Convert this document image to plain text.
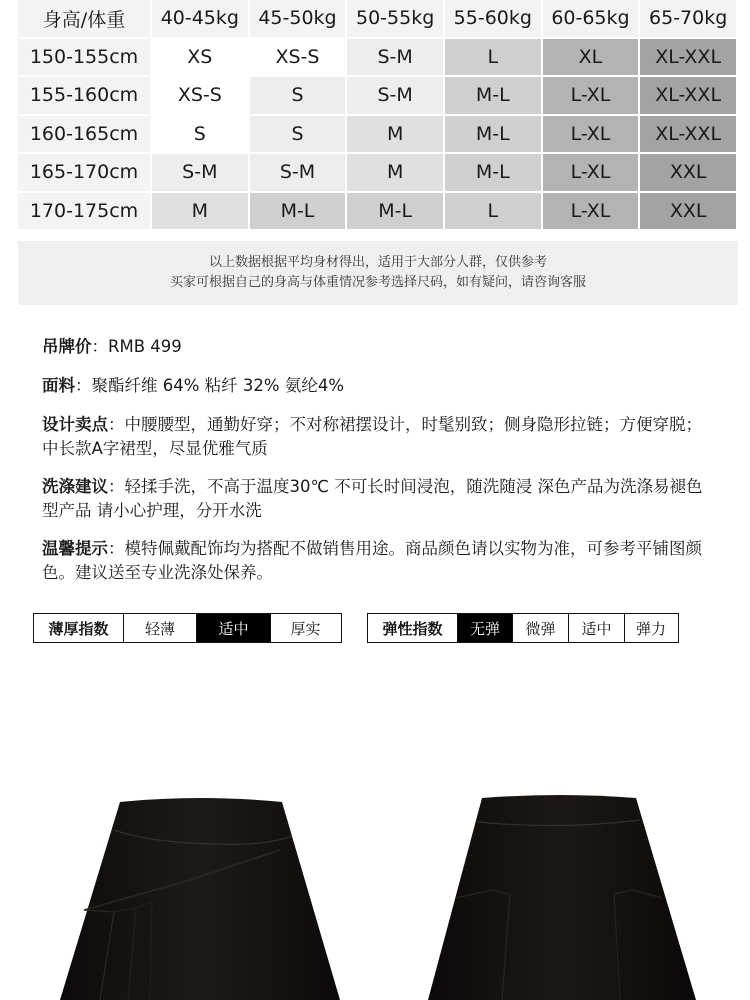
身高/体重	40-45kg	45-50kg	50-55kg	55-60kg	60-65kg	65-70kg
150-155cm	XS	XS-S	S-M	L	XL	XL-XXL
155-160cm	XS-S	S	S-M	M-L	L-XL	XL-XXL
160-165cm	S	S	M	M-L	L-XL	XL-XXL
165-170cm	S-M	S-M	M	M-L	L-XL	XXL
170-175cm	M	M-L	M-L	L	L-XL	XXL
以上数据根据平均身材得出，适用于大部分人群，仅供参考
买家可根据自己的身高与体重情况参考选择尺码，如有疑问，请咨询客服

吊牌价：RMB 499

面料：聚酯纤维 64% 粘纤 32% 氨纶4%

设计卖点：中腰腰型，通勤好穿；不对称裙摆设计，时髦别致；侧身隐形拉链；方便穿脱；中长款A字裙型，尽显优雅气质

洗涤建议：轻揉手洗，不高于温度30℃ 不可长时间浸泡，随洗随浸 深色产品为洗涤易褪色型产品 请小心护理，分开水洗

温馨提示：模特佩戴配饰均为搭配不做销售用途。商品颜色请以实物为准，可参考平铺图颜色。建议送至专业洗涤处保养。

薄厚指数	轻薄	适中	厚实	弹性指数	无弹	微弹	适中	弹力
